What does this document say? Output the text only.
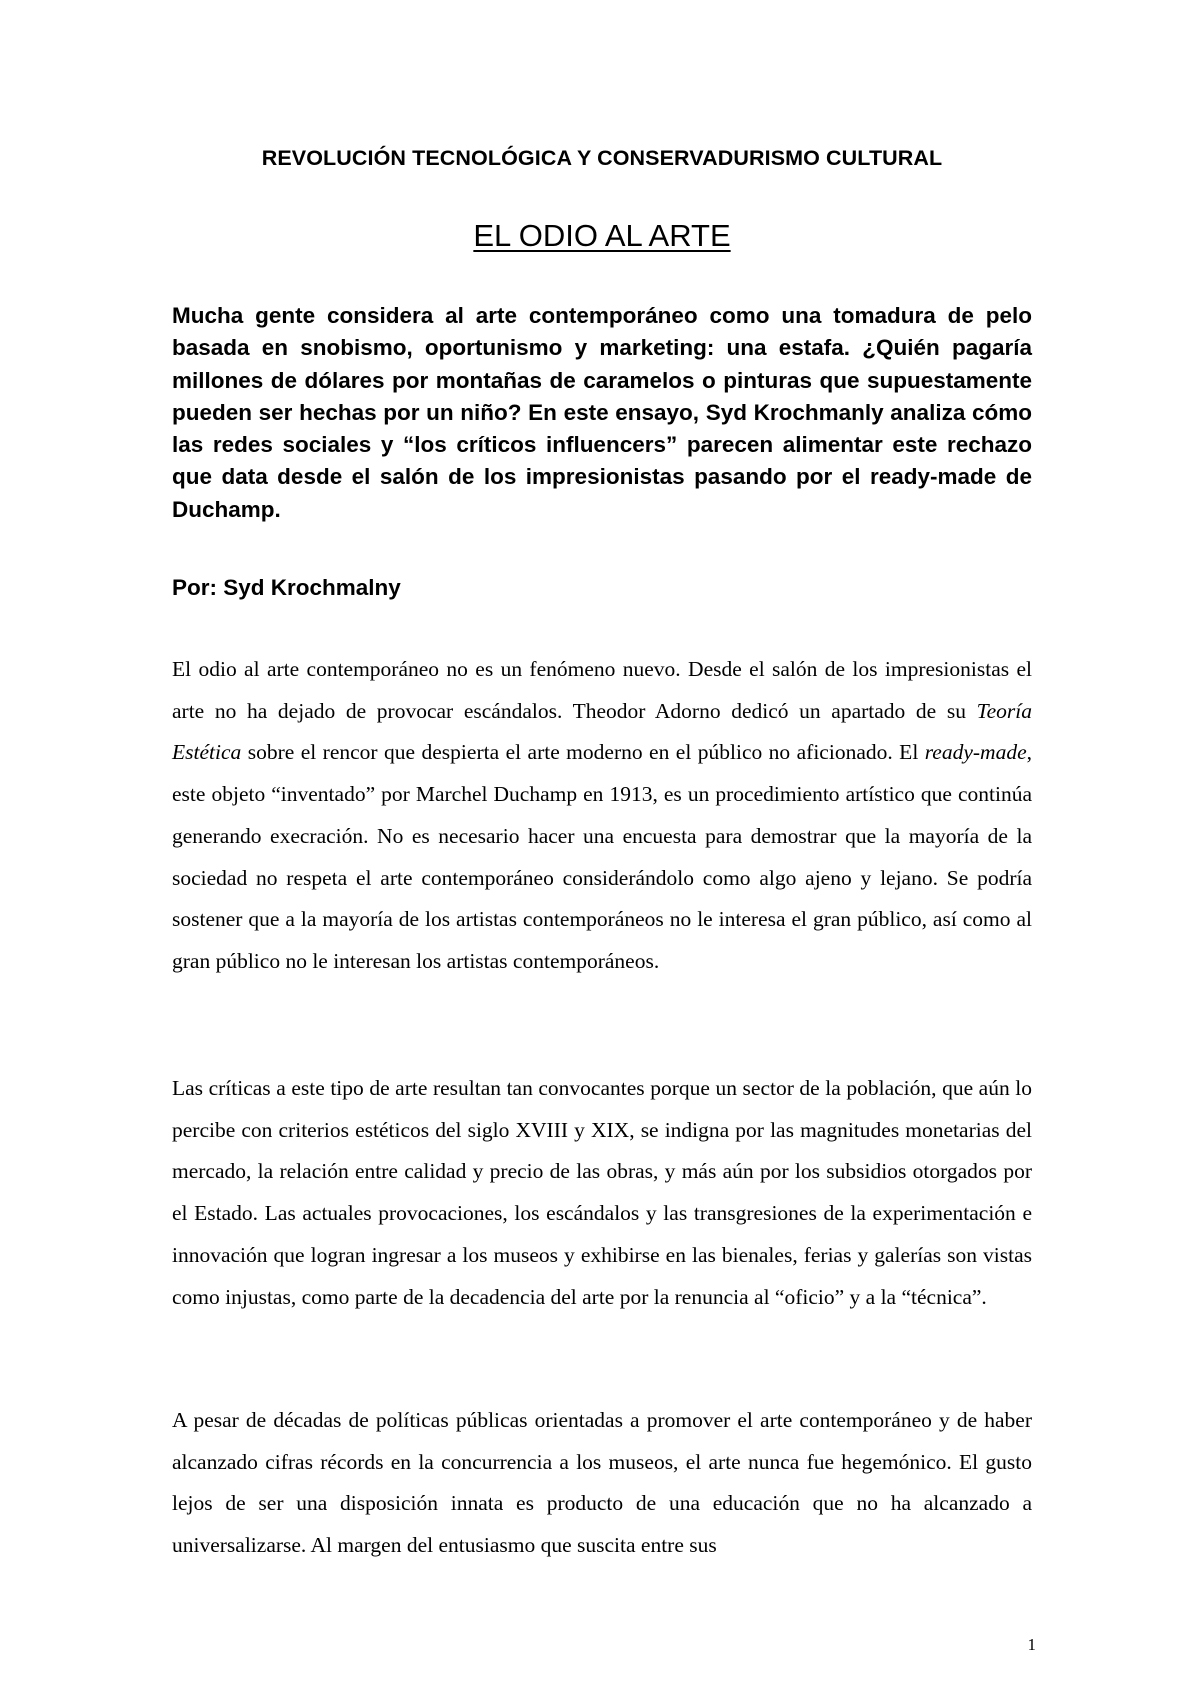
REVOLUCIÓN TECNOLÓGICA Y CONSERVADURISMO CULTURAL
EL ODIO AL ARTE

Mucha gente considera al arte contemporáneo como una tomadura de pelo basada en snobismo, oportunismo y marketing: una estafa. ¿Quién pagaría millones de dólares por montañas de caramelos o pinturas que supuestamente pueden ser hechas por un niño? En este ensayo, Syd Krochmanly analiza cómo las redes sociales y “los críticos influencers” parecen alimentar este rechazo que data desde el salón de los impresionistas pasando por el ready-made de Duchamp.

Por: Syd Krochmalny

El odio al arte contemporáneo no es un fenómeno nuevo. Desde el salón de los impresionistas el arte no ha dejado de provocar escándalos. Theodor Adorno dedicó un apartado de su Teoría Estética sobre el rencor que despierta el arte moderno en el público no aficionado. El ready-made, este objeto “inventado” por Marchel Duchamp en 1913, es un procedimiento artístico que continúa generando execración. No es necesario hacer una encuesta para demostrar que la mayoría de la sociedad no respeta el arte contemporáneo considerándolo como algo ajeno y lejano. Se podría sostener que a la mayoría de los artistas contemporáneos no le interesa el gran público, así como al gran público no le interesan los artistas contemporáneos.

Las críticas a este tipo de arte resultan tan convocantes porque un sector de la población, que aún lo percibe con criterios estéticos del siglo XVIII y XIX, se indigna por las magnitudes monetarias del mercado, la relación entre calidad y precio de las obras, y más aún por los subsidios otorgados por el Estado. Las actuales provocaciones, los escándalos y las transgresiones de la experimentación e innovación que logran ingresar a los museos y exhibirse en las bienales, ferias y galerías son vistas como injustas, como parte de la decadencia del arte por la renuncia al “oficio” y a la “técnica”.

A pesar de décadas de políticas públicas orientadas a promover el arte contemporáneo y de haber alcanzado cifras récords en la concurrencia a los museos, el arte nunca fue hegemónico. El gusto lejos de ser una disposición innata es producto de una educación que no ha alcanzado a universalizarse. Al margen del entusiasmo que suscita entre sus

1
